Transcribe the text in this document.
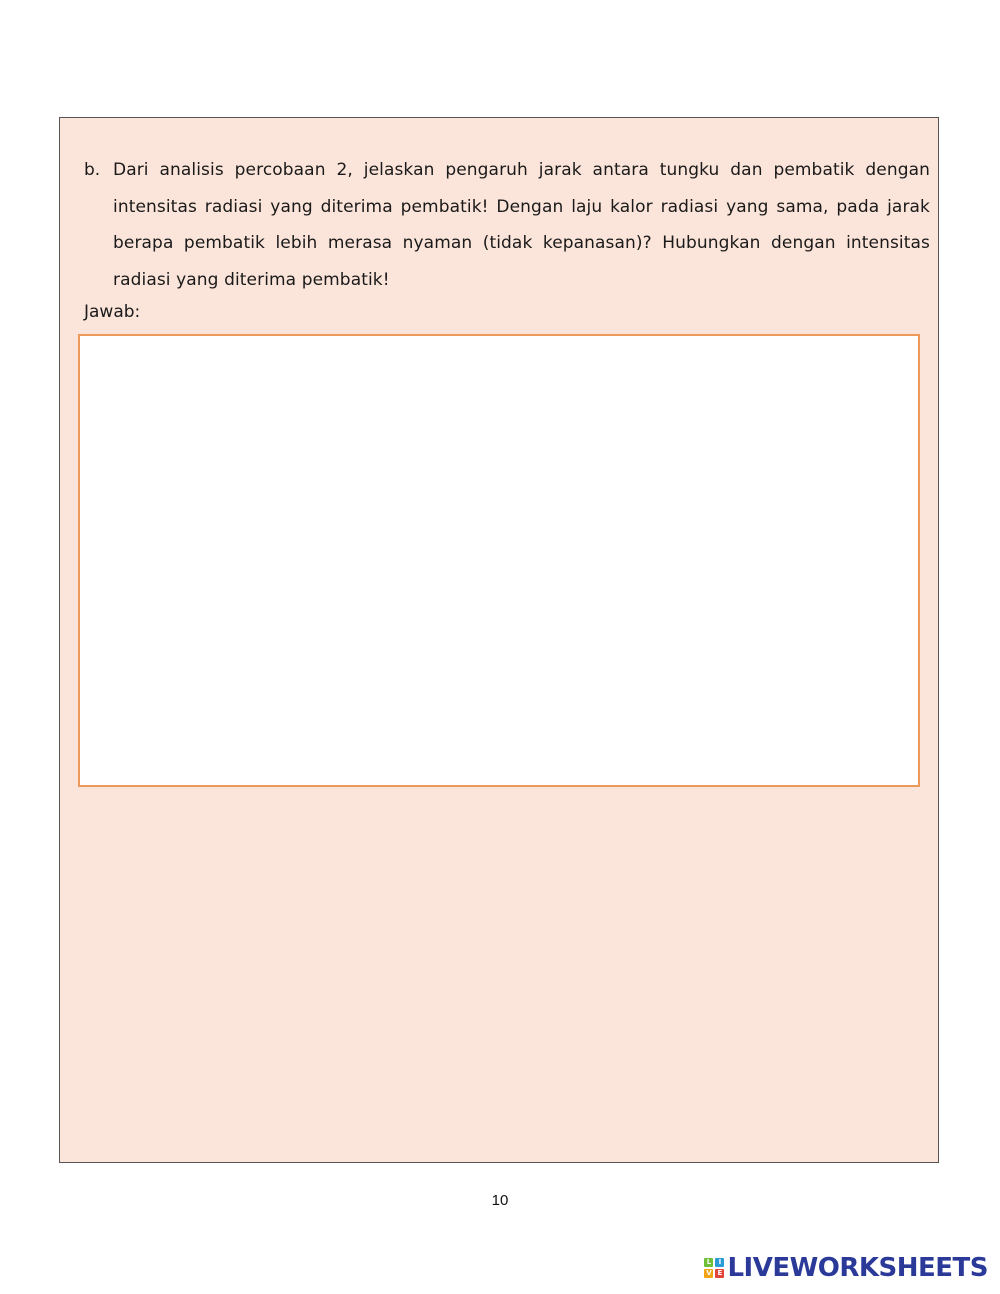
b. Dari analisis percobaan 2, jelaskan pengaruh jarak antara tungku dan pembatik dengan intensitas radiasi yang diterima pembatik! Dengan laju kalor radiasi yang sama, pada jarak berapa pembatik lebih merasa nyaman (tidak kepanasan)? Hubungkan dengan intensitas radiasi yang diterima pembatik!
Jawab:
10
L	I
V E LIVEWORKSHEETS
